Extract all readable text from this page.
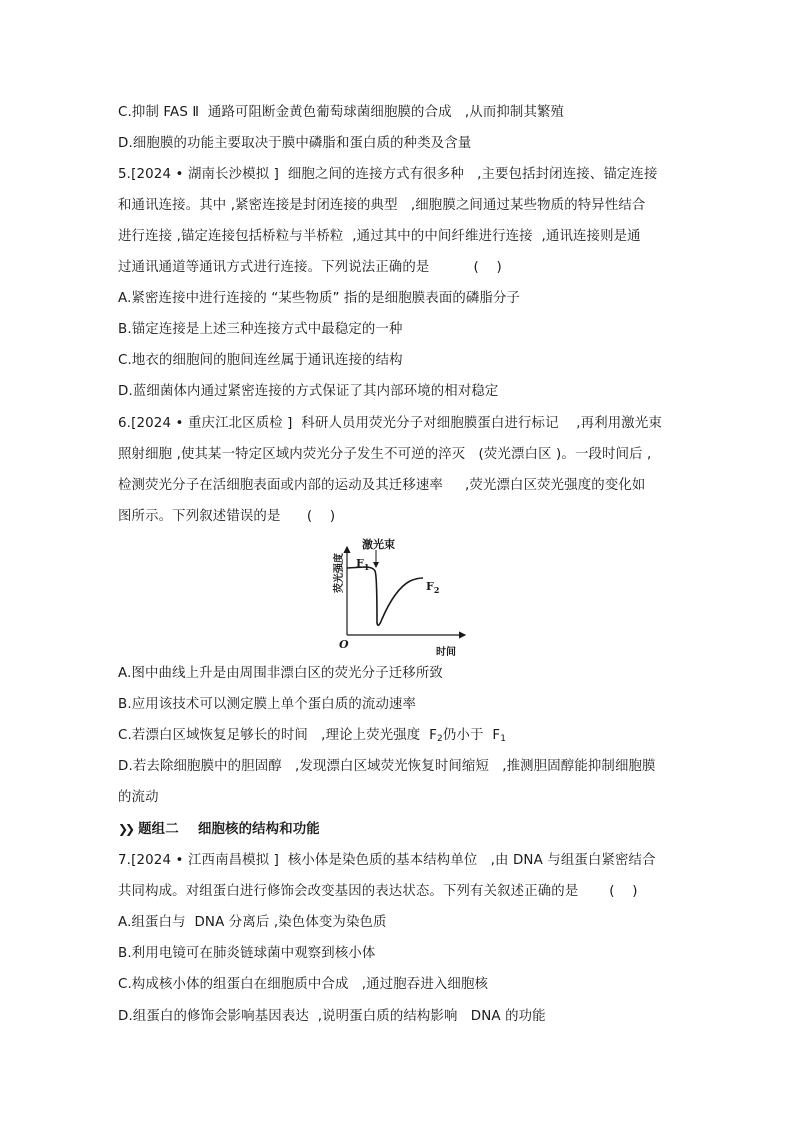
C.抑制 FAS Ⅱ  通路可阻断金黄色葡萄球菌细胞膜的合成   ,从而抑制其繁殖
D.细胞膜的功能主要取决于膜中磷脂和蛋白质的种类及含量
5.[2024 • 湖南长沙模拟 ]  细胞之间的连接方式有很多种   ,主要包括封闭连接、锚定连接
和通讯连接。其中 ,紧密连接是封闭连接的典型   ,细胞膜之间通过某些物质的特异性结合
进行连接 ,锚定连接包括桥粒与半桥粒  ,通过其中的中间纤维进行连接  ,通讯连接则是通
过通讯通道等通讯方式进行连接。下列说法正确的是          (    )
A.紧密连接中进行连接的 “某些物质” 指的是细胞膜表面的磷脂分子
B.锚定连接是上述三种连接方式中最稳定的一种
C.地衣的细胞间的胞间连丝属于通讯连接的结构
D.蓝细菌体内通过紧密连接的方式保证了其内部环境的相对稳定
6.[2024 • 重庆江北区质检 ]  科研人员用荧光分子对细胞膜蛋白进行标记    ,再利用激光束
照射细胞 ,使其某一特定区域内荧光分子发生不可逆的淬灭   (荧光漂白区 )。一段时间后 ,
检测荧光分子在活细胞表面或内部的运动及其迁移速率     ,荧光漂白区荧光强度的变化如
图所示。下列叙述错误的是      (    )
激光束
$F_1$
$F_2$
荧光强度
时间
O
A.图中曲线上升是由周围非漂白区的荧光分子迁移所致
B.应用该技术可以测定膜上单个蛋白质的流动速率
C.若漂白区域恢复足够长的时间   ,理论上荧光强度  $F_2$仍小于  $F_1$
D.若去除细胞膜中的胆固醇   ,发现漂白区域荧光恢复时间缩短   ,推测胆固醇能抑制细胞膜
的流动
❯❯ 题组二    细胞核的结构和功能
7.[2024 • 江西南昌模拟 ]  核小体是染色质的基本结构单位   ,由 DNA 与组蛋白紧密结合
共同构成。对组蛋白进行修饰会改变基因的表达状态。下列有关叙述正确的是       (    )
A.组蛋白与  DNA 分离后 ,染色体变为染色质
B.利用电镜可在肺炎链球菌中观察到核小体
C.构成核小体的组蛋白在细胞质中合成   ,通过胞吞进入细胞核
D.组蛋白的修饰会影响基因表达  ,说明蛋白质的结构影响   DNA 的功能
